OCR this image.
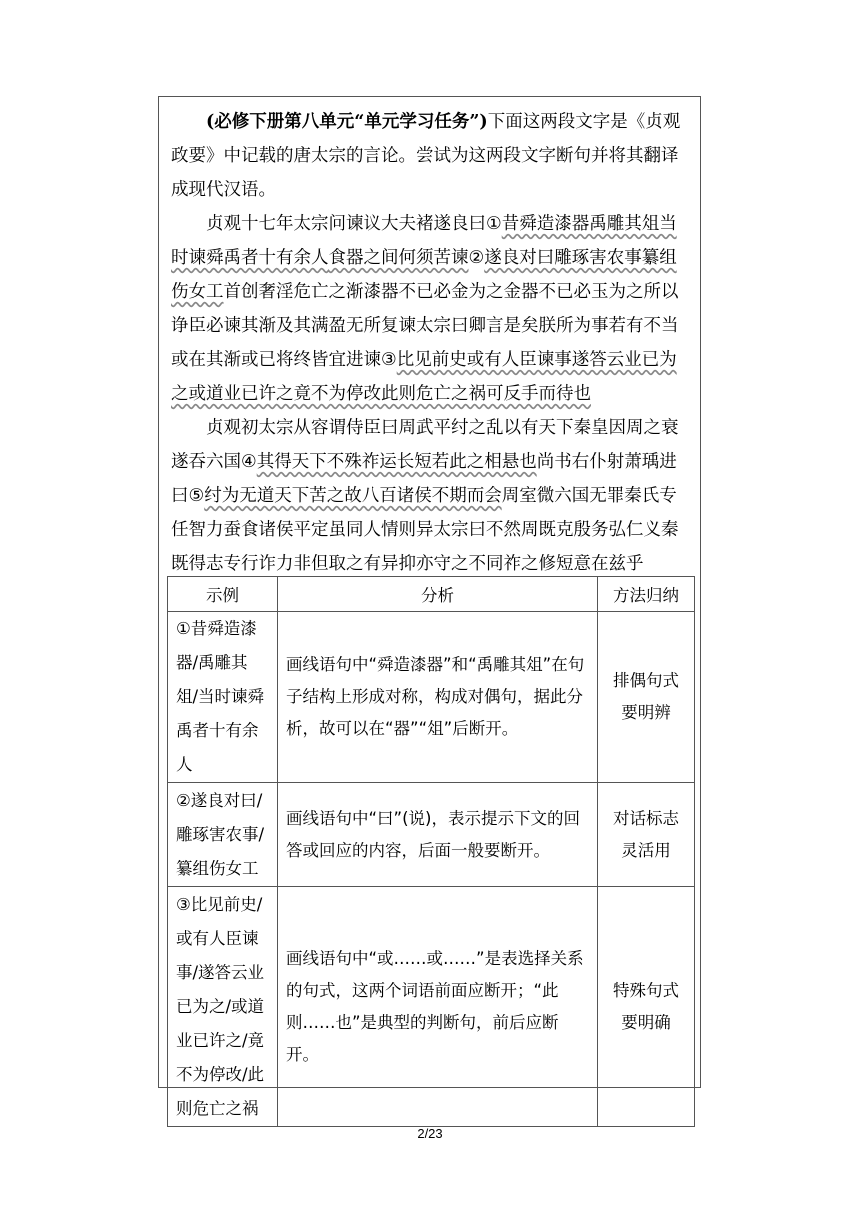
(必修下册第八单元“单元学习任务”)下面这两段文字是《贞观政要》中记载的唐太宗的言论。尝试为这两段文字断句并将其翻译成现代汉语。

贞观十七年太宗问谏议大夫褚遂良曰①昔舜造漆器禹雕其俎当时谏舜禹者十有余人食器之间何须苦谏②遂良对曰雕琢害农事纂组伤女工首创奢淫危亡之渐漆器不已必金为之金器不已必玉为之所以诤臣必谏其渐及其满盈无所复谏太宗曰卿言是矣朕所为事若有不当或在其渐或已将终皆宜进谏③比见前史或有人臣谏事遂答云业已为之或道业已许之竟不为停改此则危亡之祸可反手而待也

贞观初太宗从容谓侍臣曰周武平纣之乱以有天下秦皇因周之衰遂吞六国④其得天下不殊祚运长短若此之相悬也尚书右仆射萧瑀进曰⑤纣为无道天下苦之故八百诸侯不期而会周室微六国无罪秦氏专任智力蚕食诸侯平定虽同人情则异太宗曰不然周既克殷务弘仁义秦既得志专行诈力非但取之有异抑亦守之不同祚之修短意在兹乎

示例	分析	方法归纳
①昔舜造漆器/禹雕其俎/当时谏舜禹者十有余人	画线语句中“舜造漆器”和“禹雕其俎”在句子结构上形成对称，构成对偶句，据此分析，故可以在“器”“俎”后断开。	排偶句式要明辨
②遂良对曰/雕琢害农事/纂组伤女工	画线语句中“曰”(说)，表示提示下文的回答或回应的内容，后面一般要断开。	对话标志灵活用
③比见前史/或有人臣谏事/遂答云业已为之/或道业已许之/竟不为停改/此则危亡之祸	画线语句中“或……或……”是表选择关系的句式，这两个词语前面应断开；“此则……也”是典型的判断句，前后应断开。	特殊句式要明确
2/23
